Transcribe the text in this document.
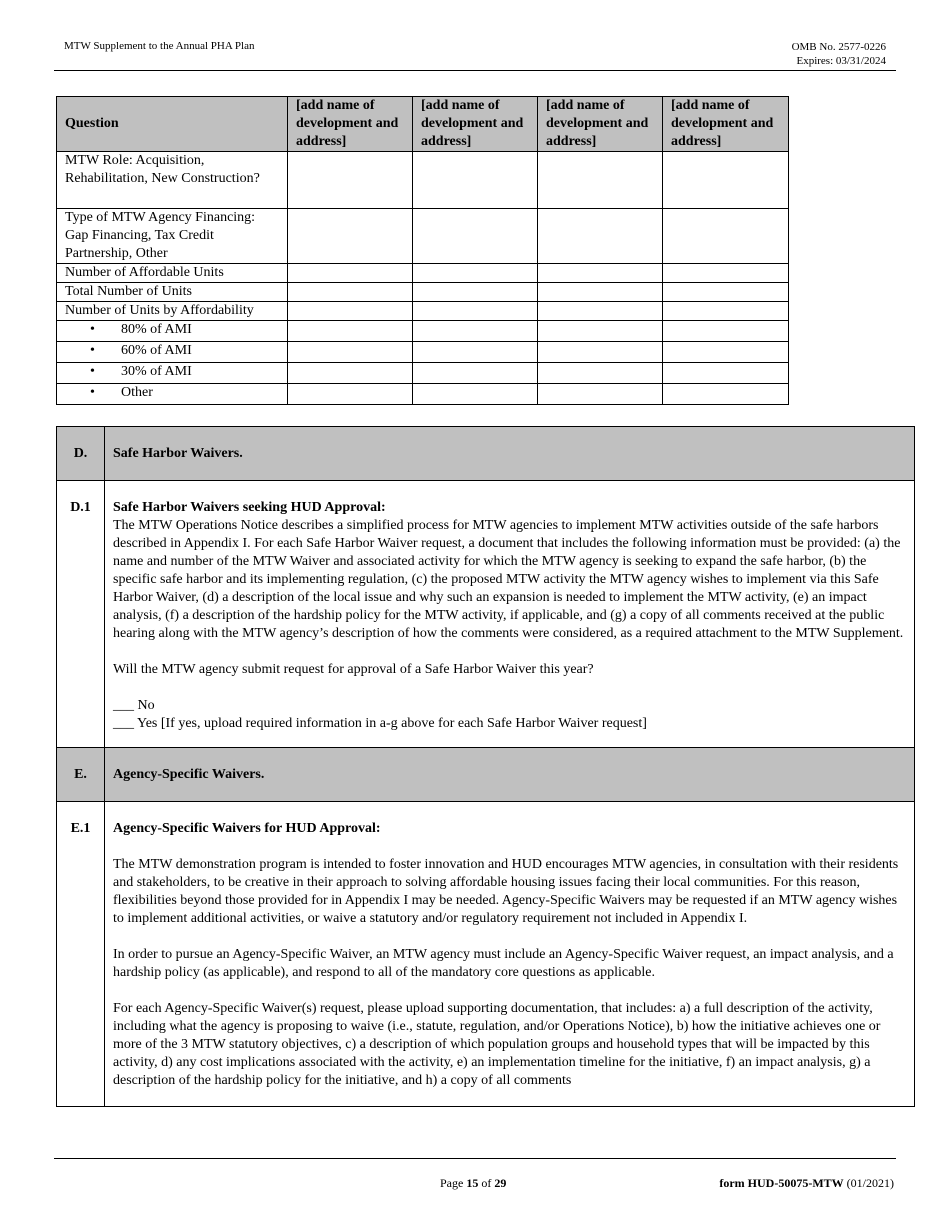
MTW Supplement to the Annual PHA Plan	OMB No. 2577-0226
Expires: 03/31/2024
Question	[add name of development and address]	[add name of development and address]	[add name of development and address]	[add name of development and address]
MTW Role: Acquisition, Rehabilitation, New Construction?				
Type of MTW Agency Financing: Gap Financing, Tax Credit Partnership, Other				
Number of Affordable Units				
Total Number of Units				
Number of Units by Affordability				
• 80% of AMI				
• 60% of AMI				
• 30% of AMI				
• Other				
D.	Safe Harbor Waivers.
D.1	Safe Harbor Waivers seeking HUD Approval:

The MTW Operations Notice describes a simplified process for MTW agencies to implement MTW activities outside of the safe harbors described in Appendix I. For each Safe Harbor Waiver request, a document that includes the following information must be provided: (a) the name and number of the MTW Waiver and associated activity for which the MTW agency is seeking to expand the safe harbor, (b) the specific safe harbor and its implementing regulation, (c) the proposed MTW activity the MTW agency wishes to implement via this Safe Harbor Waiver, (d) a description of the local issue and why such an expansion is needed to implement the MTW activity, (e) an impact analysis, (f) a description of the hardship policy for the MTW activity, if applicable, and (g) a copy of all comments received at the public hearing along with the MTW agency’s description of how the comments were considered, as a required attachment to the MTW Supplement.

Will the MTW agency submit request for approval of a Safe Harbor Waiver this year?

___ No

___ Yes [If yes, upload required information in a-g above for each Safe Harbor Waiver request]

E.	Agency-Specific Waivers.
E.1	Agency-Specific Waivers for HUD Approval:

The MTW demonstration program is intended to foster innovation and HUD encourages MTW agencies, in consultation with their residents and stakeholders, to be creative in their approach to solving affordable housing issues facing their local communities. For this reason, flexibilities beyond those provided for in Appendix I may be needed. Agency-Specific Waivers may be requested if an MTW agency wishes to implement additional activities, or waive a statutory and/or regulatory requirement not included in Appendix I.

In order to pursue an Agency-Specific Waiver, an MTW agency must include an Agency-Specific Waiver request, an impact analysis, and a hardship policy (as applicable), and respond to all of the mandatory core questions as applicable.

For each Agency-Specific Waiver(s) request, please upload supporting documentation, that includes: a) a full description of the activity, including what the agency is proposing to waive (i.e., statute, regulation, and/or Operations Notice), b) how the initiative achieves one or more of the 3 MTW statutory objectives, c) a description of which population groups and household types that will be impacted by this activity, d) any cost implications associated with the activity, e) an implementation timeline for the initiative, f) an impact analysis, g) a description of the hardship policy for the initiative, and h) a copy of all comments

Page 15 of 29	form HUD-50075-MTW (01/2021)
